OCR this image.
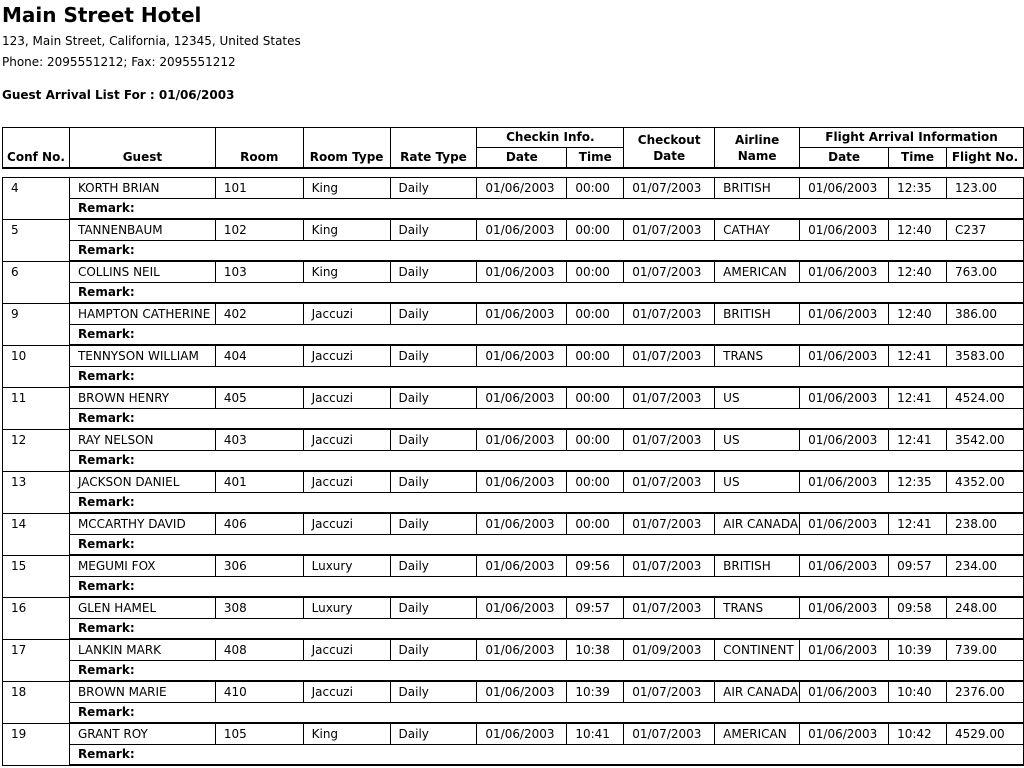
Main Street Hotel
123, Main Street, California, 12345, United States
Phone: 2095551212; Fax: 2095551212
Guest Arrival List For : 01/06/2003
Conf No.	Guest	Room	Room Type	Rate Type	Checkin Info.		Checkout Date	Airline Name	Flight Arrival Information		
					Date	Time			Date	Time	Flight No.

4	KORTH BRIAN	101	King	Daily	01/06/2003	00:00	01/07/2003	BRITISH	01/06/2003	12:35	123.00
	Remark:										
5	TANNENBAUM	102	King	Daily	01/06/2003	00:00	01/07/2003	CATHAY	01/06/2003	12:40	C237
	Remark:										
6	COLLINS NEIL	103	King	Daily	01/06/2003	00:00	01/07/2003	AMERICAN	01/06/2003	12:40	763.00
	Remark:										
9	HAMPTON CATHERINE	402	Jaccuzi	Daily	01/06/2003	00:00	01/07/2003	BRITISH	01/06/2003	12:40	386.00
	Remark:										
10	TENNYSON WILLIAM	404	Jaccuzi	Daily	01/06/2003	00:00	01/07/2003	TRANS	01/06/2003	12:41	3583.00
	Remark:										
11	BROWN HENRY	405	Jaccuzi	Daily	01/06/2003	00:00	01/07/2003	US	01/06/2003	12:41	4524.00
	Remark:										
12	RAY NELSON	403	Jaccuzi	Daily	01/06/2003	00:00	01/07/2003	US	01/06/2003	12:41	3542.00
	Remark:										
13	JACKSON DANIEL	401	Jaccuzi	Daily	01/06/2003	00:00	01/07/2003	US	01/06/2003	12:35	4352.00
	Remark:										
14	MCCARTHY DAVID	406	Jaccuzi	Daily	01/06/2003	00:00	01/07/2003	AIR CANADA	01/06/2003	12:41	238.00
	Remark:										
15	MEGUMI FOX	306	Luxury	Daily	01/06/2003	09:56	01/07/2003	BRITISH	01/06/2003	09:57	234.00
	Remark:										
16	GLEN HAMEL	308	Luxury	Daily	01/06/2003	09:57	01/07/2003	TRANS	01/06/2003	09:58	248.00
	Remark:										
17	LANKIN MARK	408	Jaccuzi	Daily	01/06/2003	10:38	01/09/2003	CONTINENT	01/06/2003	10:39	739.00
	Remark:										
18	BROWN MARIE	410	Jaccuzi	Daily	01/06/2003	10:39	01/07/2003	AIR CANADA	01/06/2003	10:40	2376.00
	Remark:										
19	GRANT ROY	105	King	Daily	01/06/2003	10:41	01/07/2003	AMERICAN	01/06/2003	10:42	4529.00
	Remark:										
